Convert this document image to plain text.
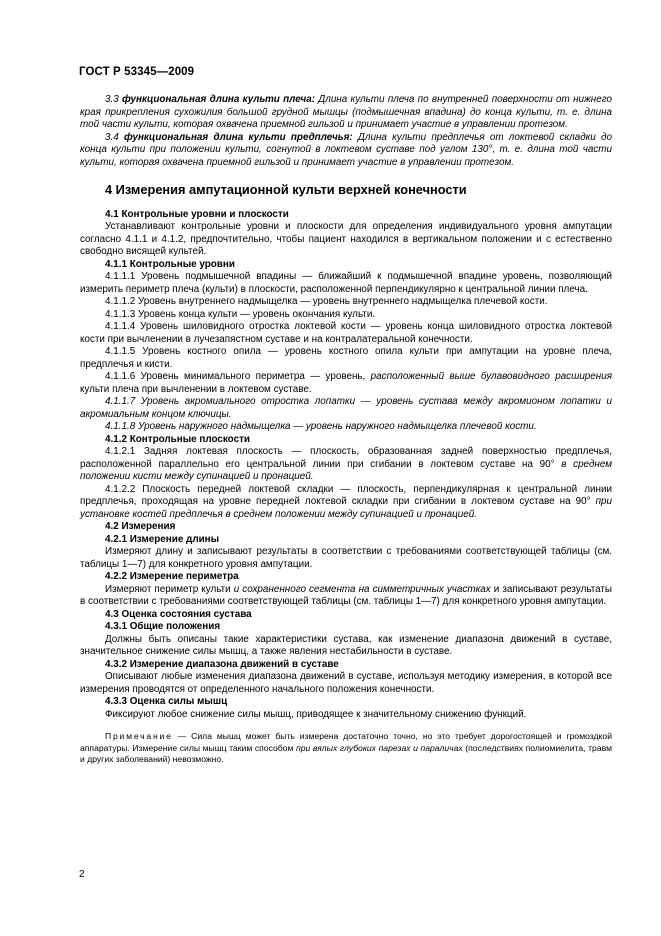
ГОСТ Р 53345—2009

3.3 функциональная длина культи плеча: Длина культи плеча по внутренней поверхности от нижнего края прикрепления сухожилия большой грудной мышцы (подмышечная впадина) до конца культи, т. е. длина той части культи, которая охвачена приемной гильзой и принимает участие в управлении протезом.

3.4 функциональная длина культи предплечья: Длина культи предплечья от локтевой складки до конца культи при положении культи, согнутой в локтевом суставе под углом 130°, т. е. длина той части культи, которая охвачена приемной гильзой и принимает участие в управлении протезом.

4 Измерения ампутационной культи верхней конечности

4.1 Контрольные уровни и плоскости

Устанавливают контрольные уровни и плоскости для определения индивидуального уровня ампутации согласно 4.1.1 и 4.1.2, предпочтительно, чтобы пациент находился в вертикальном положении и с естественно свободно висящей культей.

4.1.1 Контрольные уровни

4.1.1.1 Уровень подмышечной впадины — ближайший к подмышечной впадине уровень, позволяющий измерить периметр плеча (культи) в плоскости, расположенной перпендикулярно к центральной линии плеча.

4.1.1.2 Уровень внутреннего надмыщелка — уровень внутреннего надмыщелка плечевой кости.

4.1.1.3 Уровень конца культи — уровень окончания культи.

4.1.1.4 Уровень шиловидного отростка локтевой кости — уровень конца шиловидного отростка локтевой кости при вычленении в лучезапястном суставе и на контралатеральной конечности.

4.1.1.5 Уровень костного опила — уровень костного опила культи при ампутации на уровне плеча, предплечья и кисти.

4.1.1.6 Уровень минимального периметра — уровень, расположенный выше булавовидного расширения культи плеча при вычленении в локтевом суставе.

4.1.1.7 Уровень акромиального отростка лопатки — уровень сустава между акромионом лопатки и акромиальным концом ключицы.

4.1.1.8 Уровень наружного надмыщелка — уровень наружного надмыщелка плечевой кости.

4.1.2 Контрольные плоскости

4.1.2.1 Задняя локтевая плоскость — плоскость, образованная задней поверхностью предплечья, расположенной параллельно его центральной линии при сгибании в локтевом суставе на 90° в среднем положении кисти между супинацией и пронацией.

4.1.2.2 Плоскость передней локтевой складки — плоскость, перпендикулярная к центральной линии предплечья, проходящая на уровне передней локтевой складки при сгибании в локтевом суставе на 90° при установке костей предплечья в среднем положении между супинацией и пронацией.

4.2 Измерения

4.2.1 Измерение длины

Измеряют длину и записывают результаты в соответствии с требованиями соответствующей таблицы (см. таблицы 1—7) для конкретного уровня ампутации.

4.2.2 Измерение периметра

Измеряют периметр культи и сохраненного сегмента на симметричных участках и записывают результаты в соответствии с требованиями соответствующей таблицы (см. таблицы 1—7) для конкретного уровня ампутации.

4.3 Оценка состояния сустава

4.3.1 Общие положения

Должны быть описаны такие характеристики сустава, как изменение диапазона движений в суставе, значительное снижение силы мышц, а также явления нестабильности в суставе.

4.3.2 Измерение диапазона движений в суставе

Описывают любые изменения диапазона движений в суставе, используя методику измерения, в которой все измерения проводятся от определенного начального положения конечности.

4.3.3 Оценка силы мышц

Фиксируют любое снижение силы мышц, приводящее к значительному снижению функций.

Примечание — Сила мышц может быть измерена достаточно точно, но это требует дорогостоящей и громоздкой аппаратуры. Измерение силы мышц таким способом при вялых глубоких парезах и параличах (последствиях полиомиелита, травм и других заболеваний) невозможно.

2
